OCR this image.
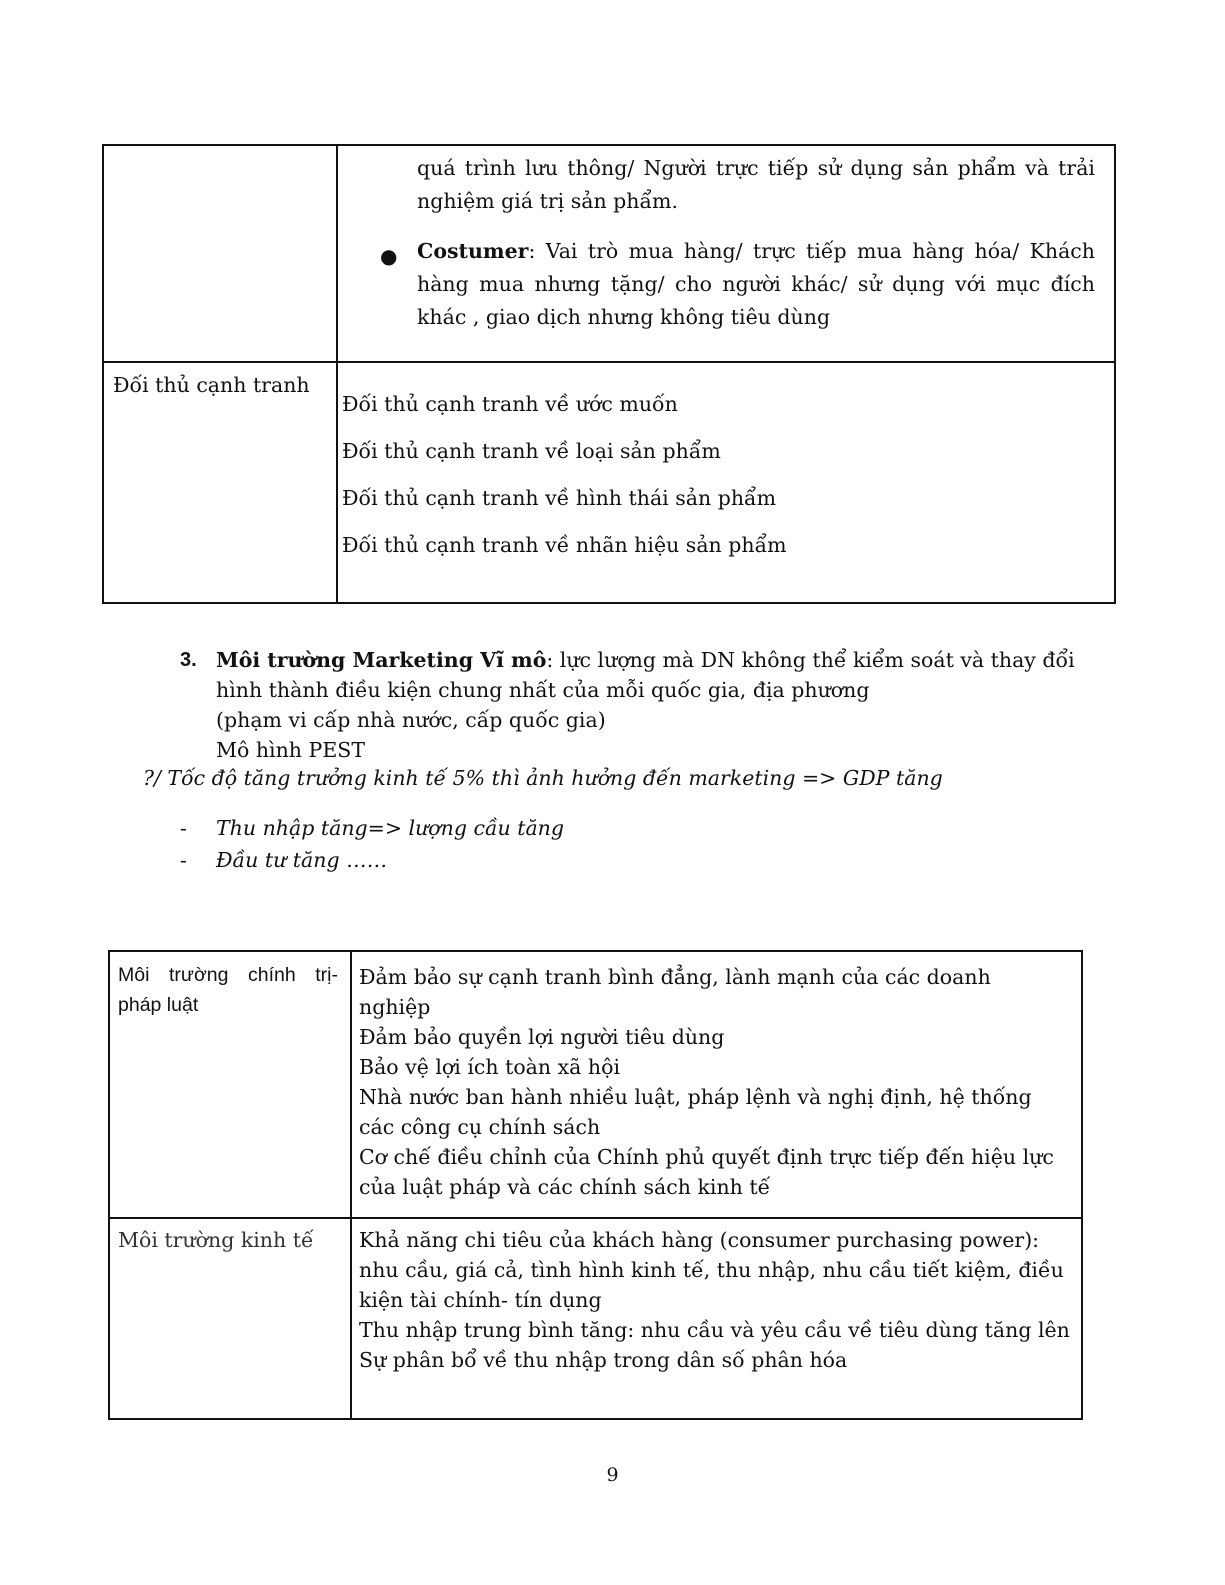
quá trình lưu thông/ Người trực tiếp sử dụng sản phẩm và trải nghiệm giá trị sản phẩm.
● Costumer: Vai trò mua hàng/ trực tiếp mua hàng hóa/ Khách hàng mua nhưng tặng/ cho người khác/ sử dụng với mục đích khác , giao dịch nhưng không tiêu dùng
Đối thủ cạnh tranh
Đối thủ cạnh tranh về ước muốn
Đối thủ cạnh tranh về loại sản phẩm
Đối thủ cạnh tranh về hình thái sản phẩm
Đối thủ cạnh tranh về nhãn hiệu sản phẩm
3. Môi trường Marketing Vĩ mô: lực lượng mà DN không thể kiểm soát và thay đổi
hình thành điều kiện chung nhất của mỗi quốc gia, địa phương
(phạm vi cấp nhà nước, cấp quốc gia)
Mô hình PEST
?/ Tốc độ tăng trưởng kinh tế 5% thì ảnh hưởng đến marketing => GDP tăng
- Thu nhập tăng=> lượng cầu tăng
- Đầu tư tăng ……
Môi trường chính trị-
pháp luật
Đảm bảo sự cạnh tranh bình đẳng, lành mạnh của các doanh
nghiệp
Đảm bảo quyền lợi người tiêu dùng
Bảo vệ lợi ích toàn xã hội
Nhà nước ban hành nhiều luật, pháp lệnh và nghị định, hệ thống
các công cụ chính sách
Cơ chế điều chỉnh của Chính phủ quyết định trực tiếp đến hiệu lực
của luật pháp và các chính sách kinh tế
Môi trường kinh tế Khả năng chi tiêu của khách hàng (consumer purchasing power):
nhu cầu, giá cả, tình hình kinh tế, thu nhập, nhu cầu tiết kiệm, điều
kiện tài chính- tín dụng
Thu nhập trung bình tăng: nhu cầu và yêu cầu về tiêu dùng tăng lên
Sự phân bổ về thu nhập trong dân số phân hóa
9
